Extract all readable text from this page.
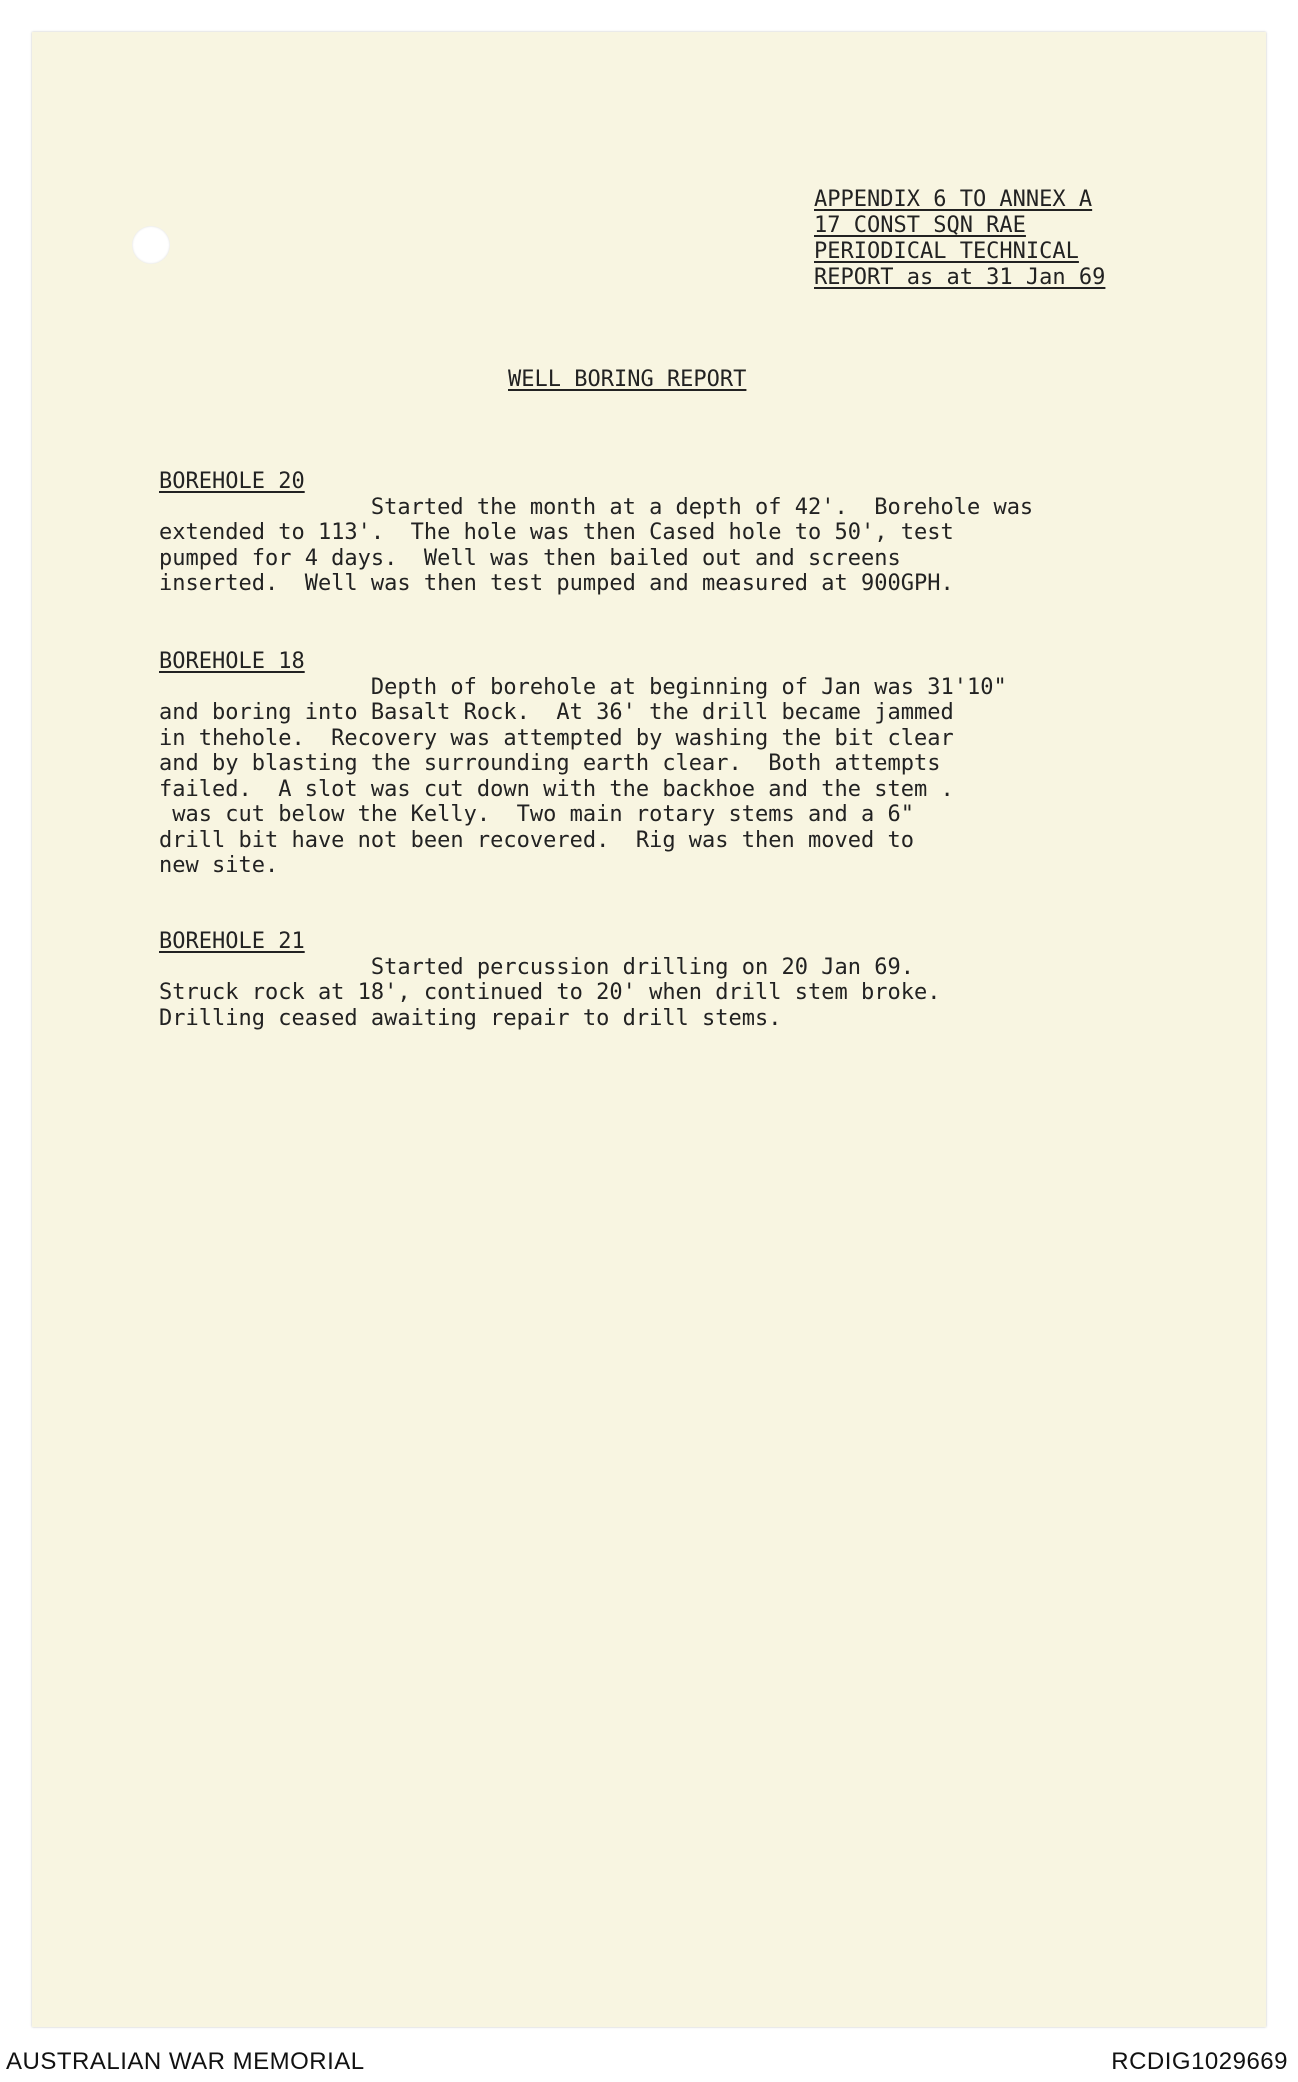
APPENDIX 6 TO ANNEX A
17 CONST SQN RAE
PERIODICAL TECHNICAL
REPORT as at 31 Jan 69
WELL BORING REPORT
BOREHOLE 20
Started the month at a depth of 42'.  Borehole was
extended to 113'.  The hole was then Cased hole to 50', test
pumped for 4 days.  Well was then bailed out and screens
inserted.  Well was then test pumped and measured at 900GPH.
BOREHOLE 18
Depth of borehole at beginning of Jan was 31'10"
and boring into Basalt Rock.  At 36' the drill became jammed
in thehole.  Recovery was attempted by washing the bit clear
and by blasting the surrounding earth clear.  Both attempts
failed.  A slot was cut down with the backhoe and the stem .
was cut below the Kelly.  Two main rotary stems and a 6"
drill bit have not been recovered.  Rig was then moved to
new site.
BOREHOLE 21
Started percussion drilling on 20 Jan 69.
Struck rock at 18', continued to 20' when drill stem broke.
Drilling ceased awaiting repair to drill stems.
AUSTRALIAN WAR MEMORIAL	RCDIG1029669
